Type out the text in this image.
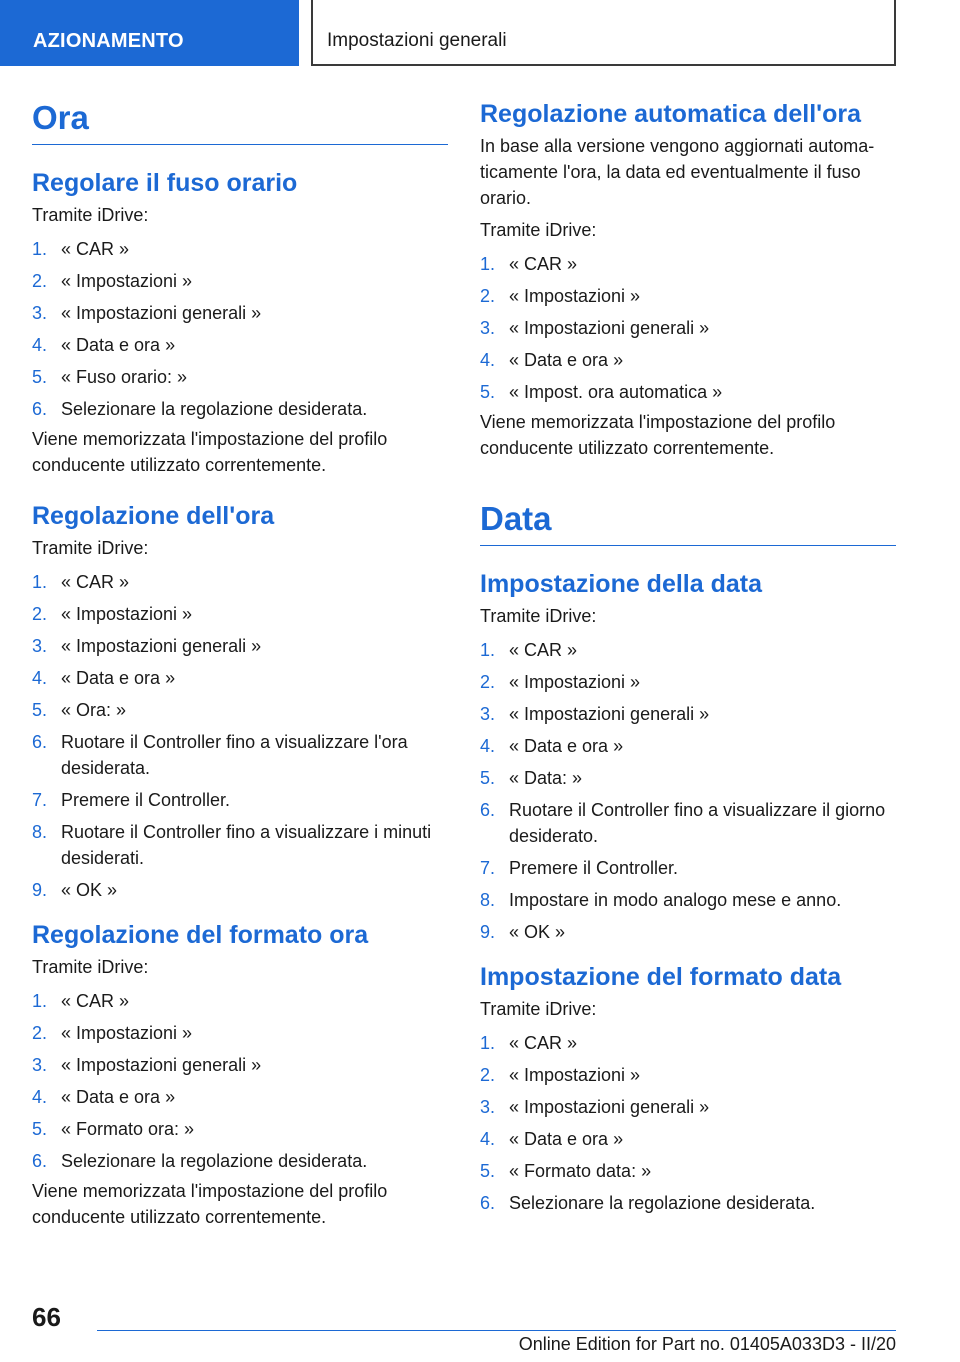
AZIONAMENTO	Impostazioni generali
Ora
Regolare il fuso orario
Tramite iDrive:
1. « CAR »
2. « Impostazioni »
3. « Impostazioni generali »
4. « Data e ora »
5. « Fuso orario: »
6. Selezionare la regolazione desiderata.
Viene memorizzata l'impostazione del profilo conducente utilizzato correntemente.
Regolazione dell'ora
Tramite iDrive:
1. « CAR »
2. « Impostazioni »
3. « Impostazioni generali »
4. « Data e ora »
5. « Ora: »
6. Ruotare il Controller fino a visualizzare l'ora desiderata.
7. Premere il Controller.
8. Ruotare il Controller fino a visualizzare i minuti desiderati.
9. « OK »
Regolazione del formato ora
Tramite iDrive:
1. « CAR »
2. « Impostazioni »
3. « Impostazioni generali »
4. « Data e ora »
5. « Formato ora: »
6. Selezionare la regolazione desiderata.
Viene memorizzata l'impostazione del profilo conducente utilizzato correntemente.
Regolazione automatica dell'ora
In base alla versione vengono aggiornati automaticamente l'ora, la data ed eventualmente il fuso orario.
Tramite iDrive:
1. « CAR »
2. « Impostazioni »
3. « Impostazioni generali »
4. « Data e ora »
5. « Impost. ora automatica »
Viene memorizzata l'impostazione del profilo conducente utilizzato correntemente.
Data
Impostazione della data
Tramite iDrive:
1. « CAR »
2. « Impostazioni »
3. « Impostazioni generali »
4. « Data e ora »
5. « Data: »
6. Ruotare il Controller fino a visualizzare il giorno desiderato.
7. Premere il Controller.
8. Impostare in modo analogo mese e anno.
9. « OK »
Impostazione del formato data
Tramite iDrive:
1. « CAR »
2. « Impostazioni »
3. « Impostazioni generali »
4. « Data e ora »
5. « Formato data: »
6. Selezionare la regolazione desiderata.
66
Online Edition for Part no. 01405A033D3 - II/20
